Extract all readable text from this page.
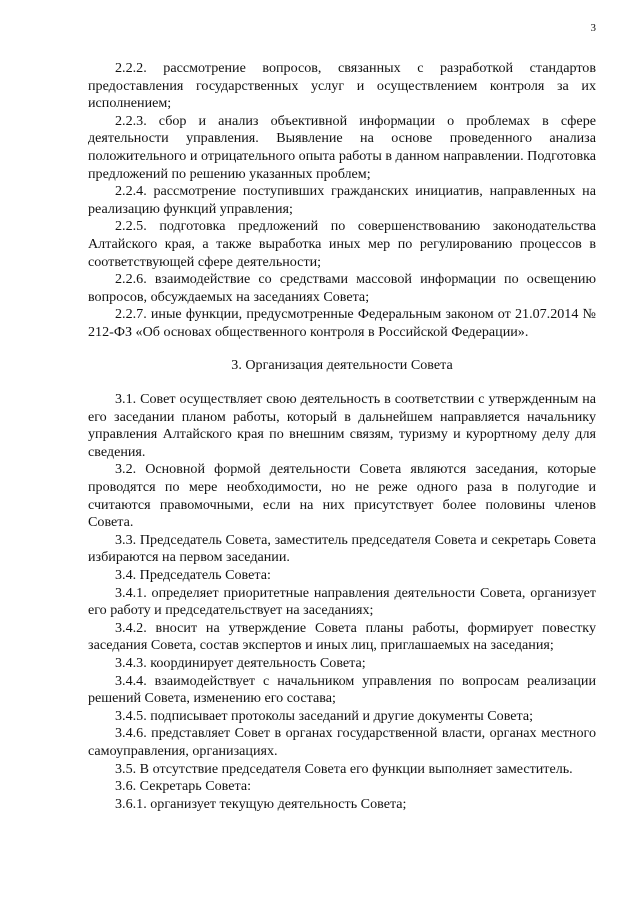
3

2.2.2. рассмотрение вопросов, связанных с разработкой стандартов предоставления государственных услуг и осуществлением контроля за их исполнением;

2.2.3. сбор и анализ объективной информации о проблемах в сфере деятельности управления. Выявление на основе проведенного анализа положительного и отрицательного опыта работы в данном направлении. Подготовка предложений по решению указанных проблем;

2.2.4. рассмотрение поступивших гражданских инициатив, направленных на реализацию функций управления;

2.2.5. подготовка предложений по совершенствованию законодательства Алтайского края, а также выработка иных мер по регулированию процессов в соответствующей сфере деятельности;

2.2.6. взаимодействие со средствами массовой информации по освещению вопросов, обсуждаемых на заседаниях Совета;

2.2.7. иные функции, предусмотренные Федеральным законом от 21.07.2014 № 212-ФЗ «Об основах общественного контроля в Российской Федерации».

3. Организация деятельности Совета

3.1. Совет осуществляет свою деятельность в соответствии с утвержденным на его заседании планом работы, который в дальнейшем направляется начальнику управления Алтайского края по внешним связям, туризму и курортному делу для сведения.

3.2. Основной формой деятельности Совета являются заседания, которые проводятся по мере необходимости, но не реже одного раза в полугодие и считаются правомочными, если на них присутствует более половины членов Совета.

3.3. Председатель Совета, заместитель председателя Совета и секретарь Совета избираются на первом заседании.

3.4. Председатель Совета:

3.4.1. определяет приоритетные направления деятельности Совета, организует его работу и председательствует на заседаниях;

3.4.2. вносит на утверждение Совета планы работы, формирует повестку заседания Совета, состав экспертов и иных лиц, приглашаемых на заседания;

3.4.3. координирует деятельность Совета;

3.4.4. взаимодействует с начальником управления по вопросам реализации решений Совета, изменению его состава;

3.4.5. подписывает протоколы заседаний и другие документы Совета;

3.4.6. представляет Совет в органах государственной власти, органах местного самоуправления, организациях.

3.5. В отсутствие председателя Совета его функции выполняет заместитель.

3.6. Секретарь Совета:

3.6.1. организует текущую деятельность Совета;
